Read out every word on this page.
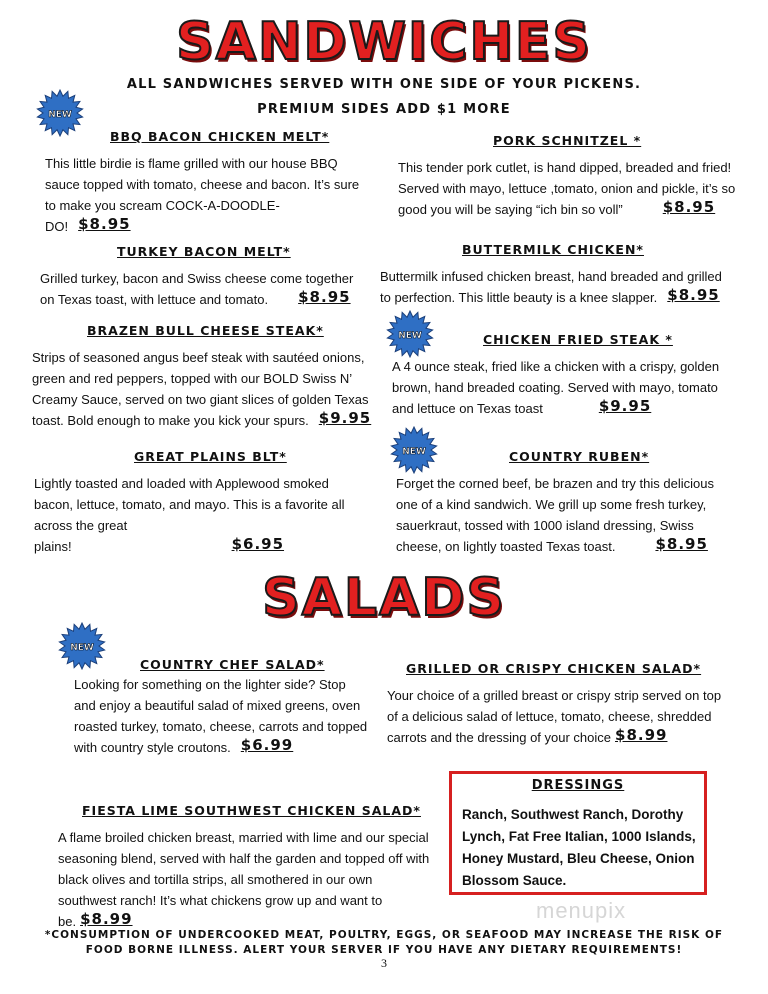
SANDWICHES
ALL SANDWICHES SERVED WITH ONE SIDE OF YOUR PICKENS.
PREMIUM SIDES ADD $1 MORE
NEW
NEW
NEW
NEW
BBQ BACON CHICKEN MELT*
This little birdie is flame grilled with our house BBQ sauce topped with tomato, cheese and bacon. It’s sure to make you scream COCK-A-DOODLE-DO! $8.95
PORK SCHNITZEL *
This tender pork cutlet, is hand dipped, breaded and fried! Served with mayo, lettuce ,tomato, onion and pickle, it’s so good you will be saying “ich bin so voll”	$8.95
TURKEY BACON MELT*
Grilled turkey, bacon and Swiss cheese come together on Texas toast, with lettuce and tomato. $8.95
BUTTERMILK CHICKEN*
Buttermilk infused chicken breast, hand breaded and grilled to perfection. This little beauty is a knee slapper. $8.95
BRAZEN BULL CHEESE STEAK*
Strips of seasoned angus beef steak with sautéed onions, green and red peppers, topped with our BOLD Swiss N’ Creamy Sauce, served on two giant slices of golden Texas toast. Bold enough to make you kick your spurs. $9.95
CHICKEN FRIED STEAK *
A 4 ounce steak, fried like a chicken with a crispy, golden brown, hand breaded coating. Served with mayo, tomato and lettuce on Texas toast	$9.95
GREAT PLAINS BLT*
Lightly toasted and loaded with Applewood smoked bacon, lettuce, tomato, and mayo. This is a favorite all across the great plains!	$6.95
COUNTRY RUBEN*
Forget the corned beef, be brazen and try this delicious one of a kind sandwich. We grill up some fresh turkey, sauerkraut, tossed with 1000 island dressing, Swiss cheese, on lightly toasted Texas toast.	$8.95
SALADS
COUNTRY CHEF SALAD*
Looking for something on the lighter side? Stop and enjoy a beautiful salad of mixed greens, oven roasted turkey, tomato, cheese, carrots and topped with country style croutons. $6.99
GRILLED OR CRISPY CHICKEN SALAD*
Your choice of a grilled breast or crispy strip served on top of a delicious salad of lettuce, tomato, cheese, shredded carrots and the dressing of your choice $8.99
FIESTA LIME SOUTHWEST CHICKEN SALAD*
A flame broiled chicken breast, married with lime and our special seasoning blend, served with half the garden and topped off with black olives and tortilla strips, all smothered in our own southwest ranch! It’s what chickens grow up and want to be. $8.99
DRESSINGS
Ranch, Southwest Ranch, Dorothy Lynch, Fat Free Italian, 1000 Islands, Honey Mustard, Bleu Cheese, Onion Blossom Sauce.
menupix
*CONSUMPTION OF UNDERCOOKED MEAT, POULTRY, EGGS, OR SEAFOOD MAY INCREASE THE RISK OF FOOD BORNE ILLNESS. ALERT YOUR SERVER IF YOU HAVE ANY DIETARY REQUIREMENTS!
3
